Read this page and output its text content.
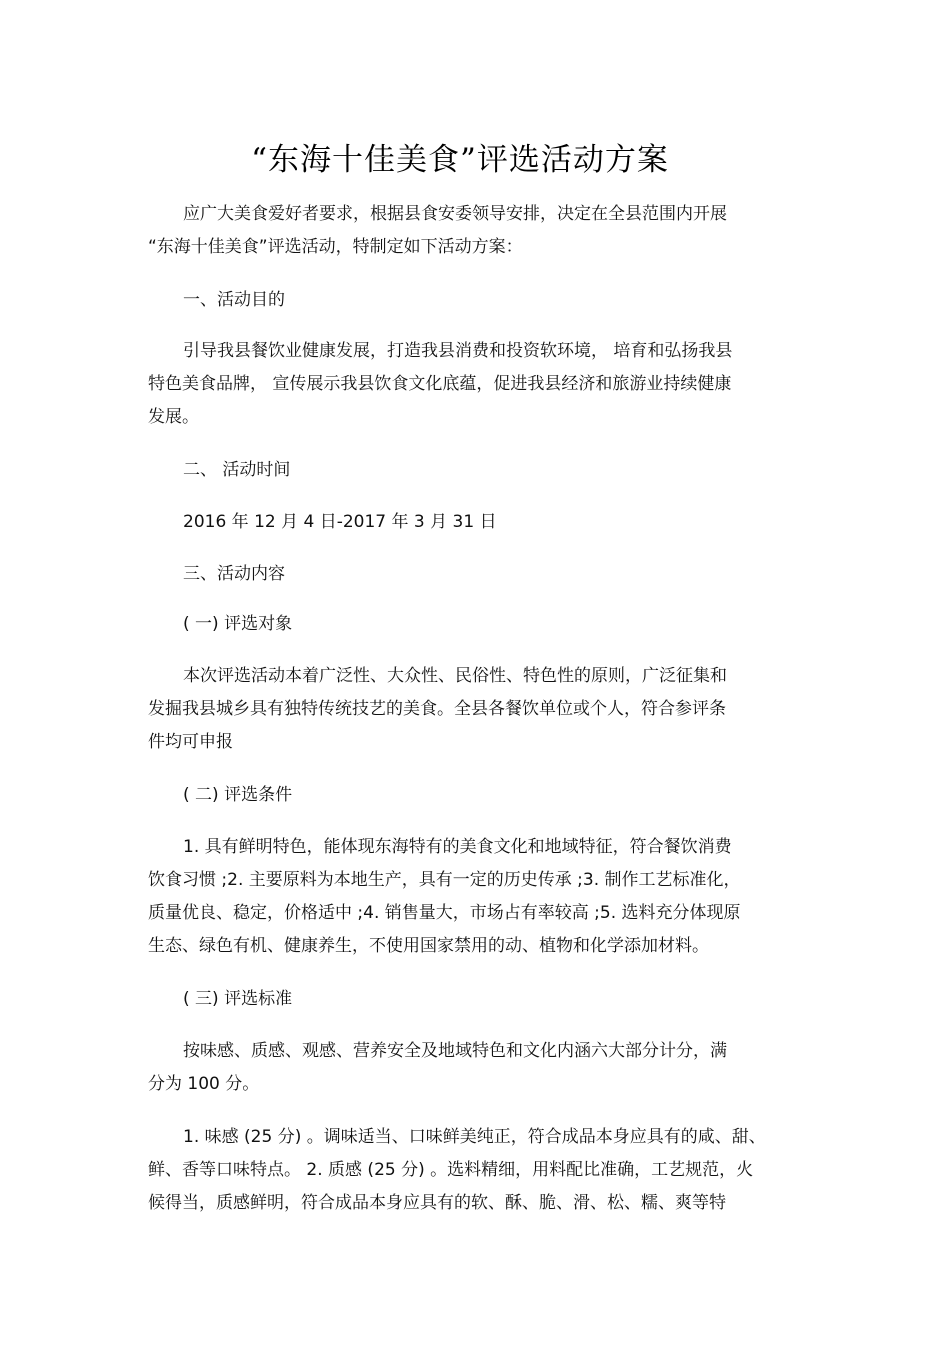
“东海十佳美食”评选活动方案
应广大美食爱好者要求，根据县食安委领导安排，决定在全县范围内开展
“东海十佳美食”评选活动，特制定如下活动方案：
一、活动目的
引导我县餐饮业健康发展，打造我县消费和投资软环境， 培育和弘扬我县
特色美食品牌， 宣传展示我县饮食文化底蕴，促进我县经济和旅游业持续健康
发展。
二、 活动时间
2016 年 12 月 4 日-2017 年 3 月 31 日
三、活动内容
( 一) 评选对象
本次评选活动本着广泛性、大众性、民俗性、特色性的原则，广泛征集和
发掘我县城乡具有独特传统技艺的美食。全县各餐饮单位或个人，符合参评条
件均可申报
( 二) 评选条件
1. 具有鲜明特色，能体现东海特有的美食文化和地域特征，符合餐饮消费
饮食习惯 ;2. 主要原料为本地生产，具有一定的历史传承 ;3. 制作工艺标准化，
质量优良、稳定，价格适中 ;4. 销售量大，市场占有率较高 ;5. 选料充分体现原
生态、绿色有机、健康养生，不使用国家禁用的动、植物和化学添加材料。
( 三) 评选标准
按味感、质感、观感、营养安全及地域特色和文化内涵六大部分计分，满
分为 100 分。
1. 味感 (25 分) 。调味适当、口味鲜美纯正，符合成品本身应具有的咸、甜、
鲜、香等口味特点。 2. 质感 (25 分) 。选料精细，用料配比准确，工艺规范，火
候得当，质感鲜明，符合成品本身应具有的软、酥、脆、滑、松、糯、爽等特
